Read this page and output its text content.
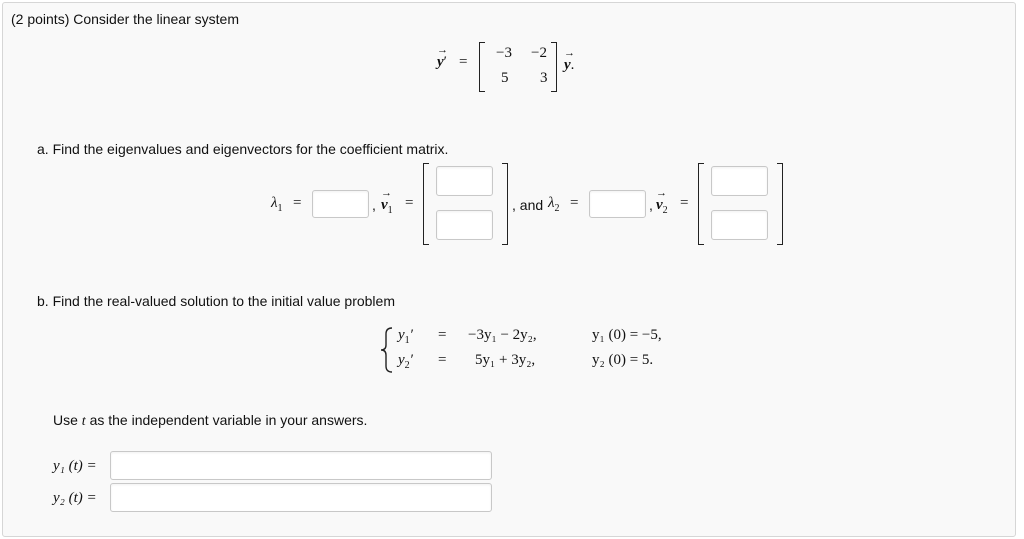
(2 points) Consider the linear system
→ y′ =
−3 −2
5 3
→ y.
a. Find the eigenvalues and eigenvectors for the coefficient matrix.
$\lambda_1$ =	, → $v_1$ =	, and $\lambda_2$ =	, → $v_2$ =
b. Find the real-valued solution to the initial value problem
$y_1' = -3y_1 - 2y_2$,	y₁ (0) = −5,
$y_2' = 5y_1 + 3y_2$,	y₂ (0) = 5.
Use t as the independent variable in your answers.
y₁ (t) =
y₂ (t) =
